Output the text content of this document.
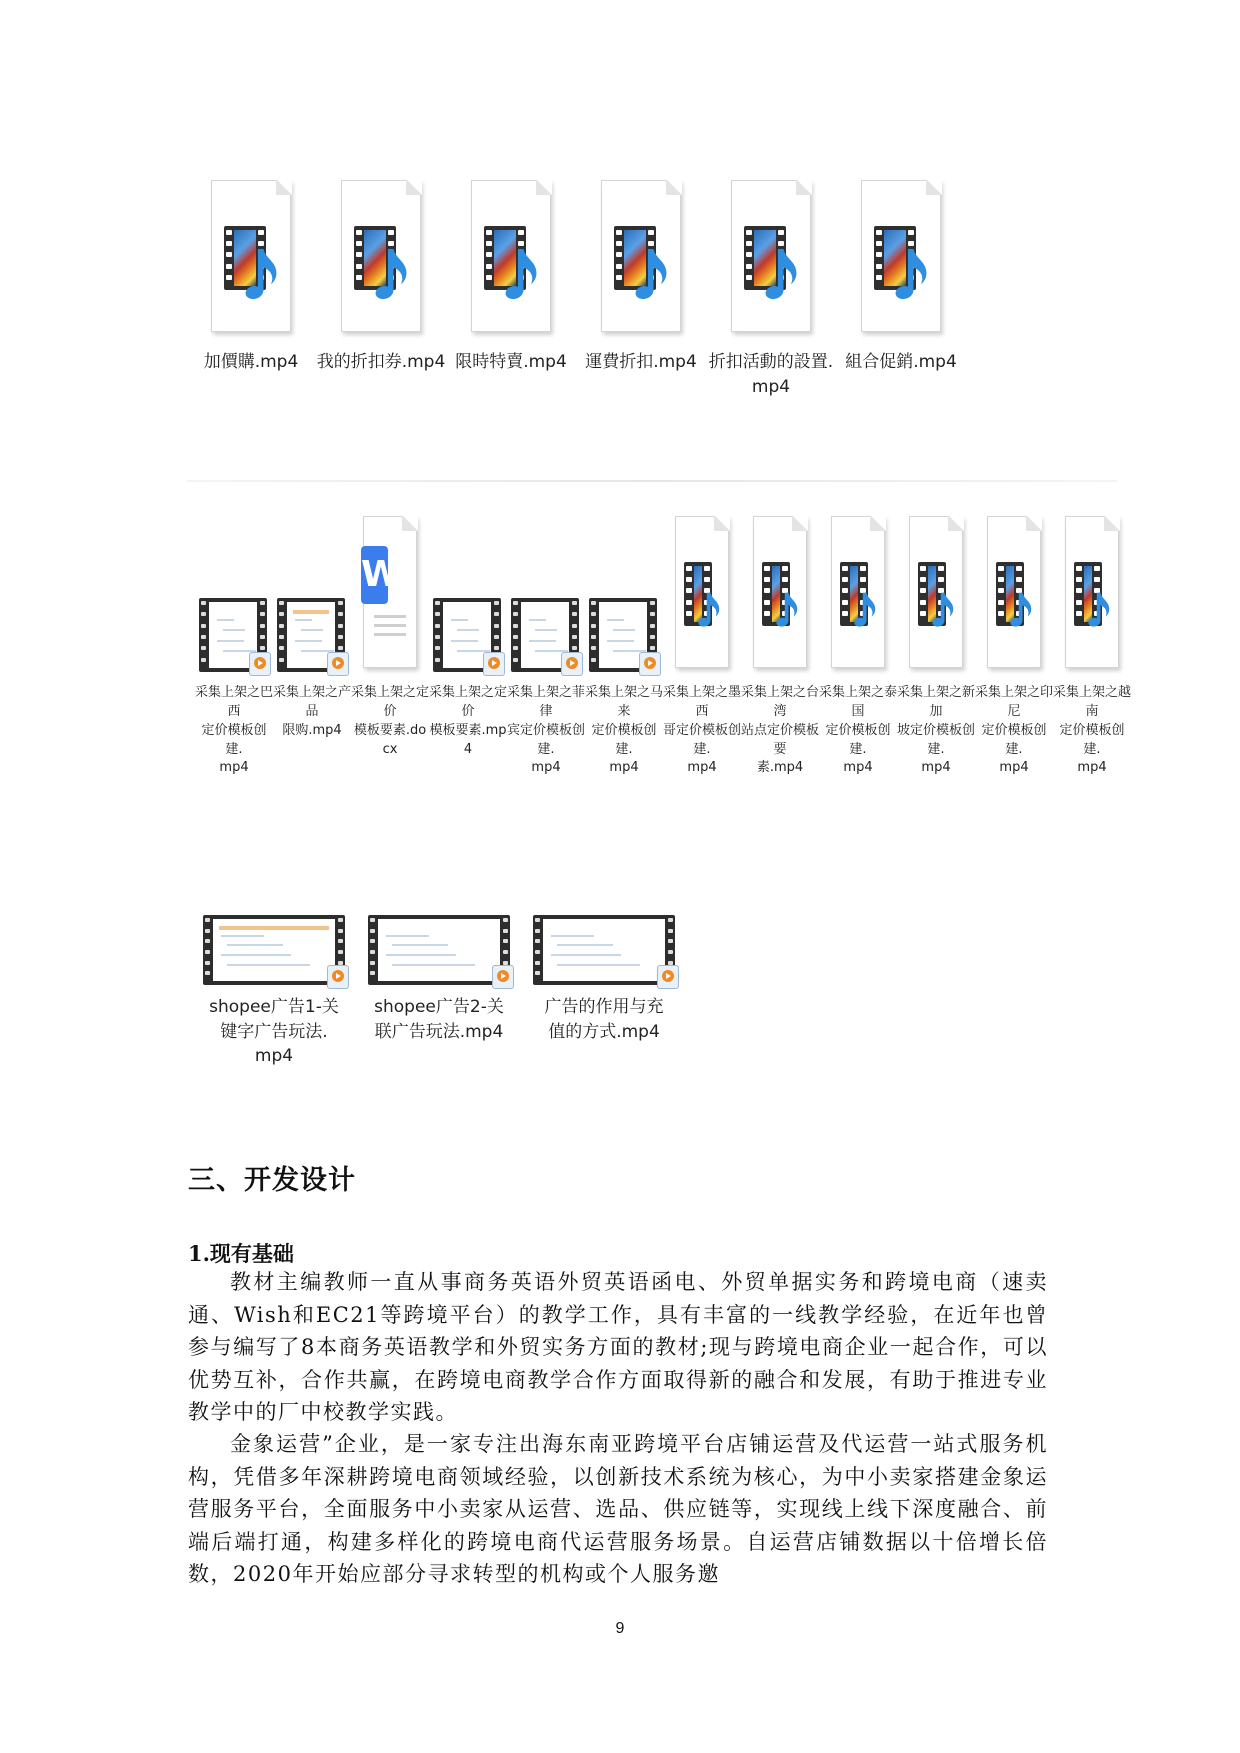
加價購.mp4	我的折扣券.mp4 限時特賣.mp4	運費折扣.mp4 折扣活動的設置.
mp4
組合促銷.mp4
采集上架之巴西
定价模板创建.
mp4
采集上架之产品
限购.mp4
W
采集上架之定价
模板要素.docx
采集上架之定价
模板要素.mp4
采集上架之菲律
宾定价模板创建.
mp4
采集上架之马来
定价模板创建.
mp4
采集上架之墨西
哥定价模板创建.
mp4
采集上架之台湾
站点定价模板要
素.mp4
采集上架之泰国
定价模板创建.
mp4
采集上架之新加
坡定价模板创建.
mp4
采集上架之印尼
定价模板创建.
mp4
采集上架之越南
定价模板创建.
mp4
shopee广告1-关
键字广告玩法.
mp4
shopee广告2-关
联广告玩法.mp4
广告的作用与充
值的方式.mp4
三、开发设计
1.现有基础
教材主编教师一直从事商务英语外贸英语函电、外贸单据实务和跨境电商（速卖通、Wish和EC21等跨境平台）的教学工作，具有丰富的一线教学经验，在近年也曾参与编写了8本商务英语教学和外贸实务方面的教材;现与跨境电商企业一起合作，可以优势互补，合作共赢，在跨境电商教学合作方面取得新的融合和发展，有助于推进专业教学中的厂中校教学实践。
金象运营”企业，是一家专注出海东南亚跨境平台店铺运营及代运营一站式服务机构，凭借多年深耕跨境电商领域经验，以创新技术系统为核心，为中小卖家搭建金象运营服务平台，全面服务中小卖家从运营、选品、供应链等，实现线上线下深度融合、前端后端打通，构建多样化的跨境电商代运营服务场景。自运营店铺数据以十倍增长倍数，2020年开始应部分寻求转型的机构或个人服务邀
9
